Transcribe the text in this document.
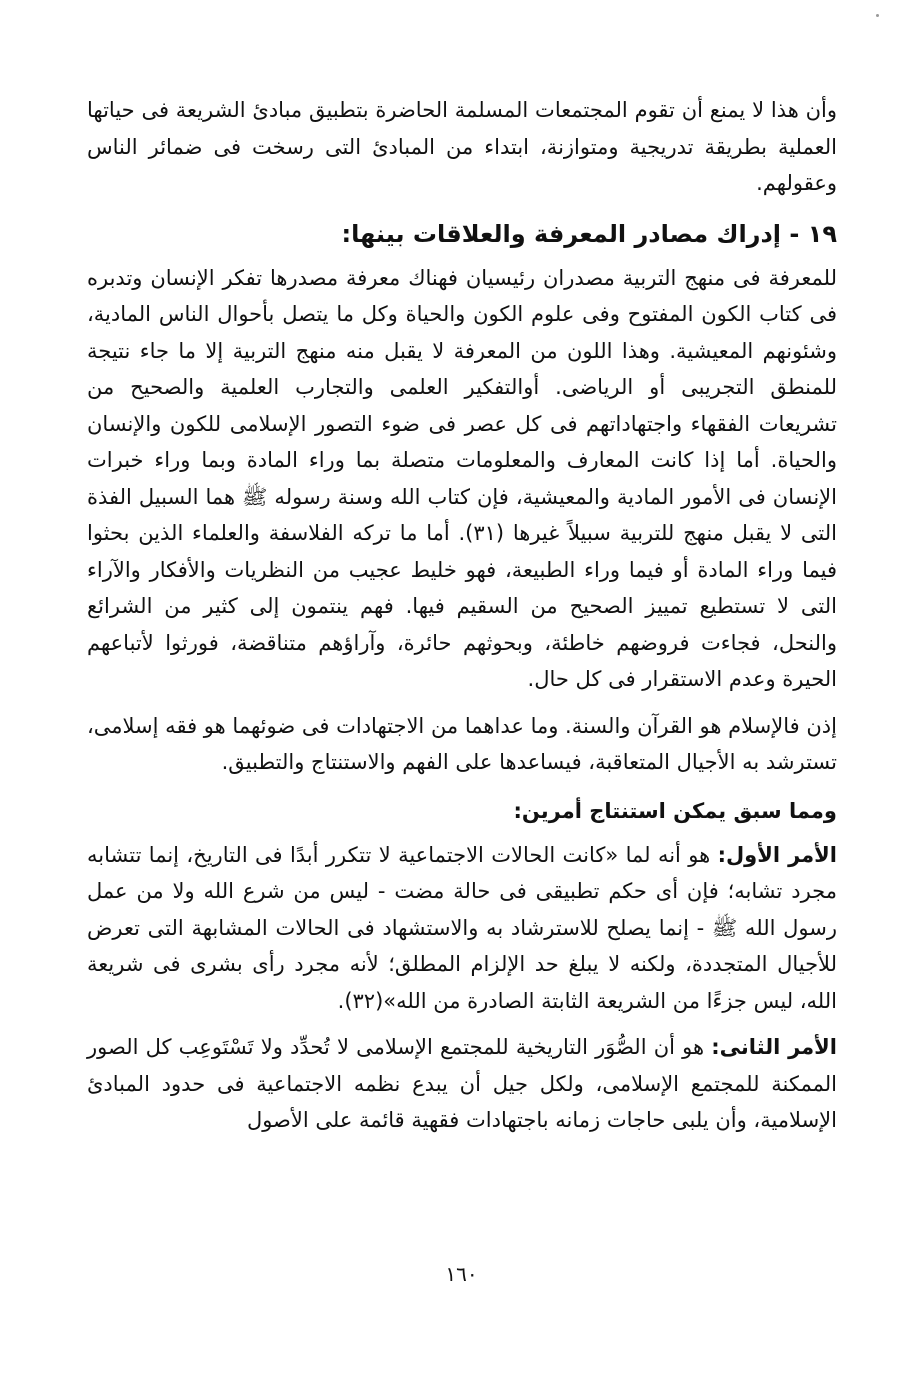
وأن هذا لا يمنع أن تقوم المجتمعات المسلمة الحاضرة بتطبيق مبادئ الشريعة فى حياتها العملية بطريقة تدريجية ومتوازنة، ابتداء من المبادئ التى رسخت فى ضمائر الناس وعقولهم.

١٩ - إدراك مصادر المعرفة والعلاقات بينها:

للمعرفة فى منهج التربية مصدران رئيسيان فهناك معرفة مصدرها تفكر الإنسان وتدبره فى كتاب الكون المفتوح وفى علوم الكون والحياة وكل ما يتصل بأحوال الناس المادية، وشئونهم المعيشية. وهذا اللون من المعرفة لا يقبل منه منهج التربية إلا ما جاء نتيجة للمنطق التجريبى أو الرياضى. أوالتفكير العلمى والتجارب العلمية والصحيح من تشريعات الفقهاء واجتهاداتهم فى كل عصر فى ضوء التصور الإسلامى للكون والإنسان والحياة. أما إذا كانت المعارف والمعلومات متصلة بما وراء المادة وبما وراء خبرات الإنسان فى الأمور المادية والمعيشية، فإن كتاب الله وسنة رسوله ﷺ هما السبيل الفذة التى لا يقبل منهج للتربية سبيلاً غيرها (٣١). أما ما تركه الفلاسفة والعلماء الذين بحثوا فيما وراء المادة أو فيما وراء الطبيعة، فهو خليط عجيب من النظريات والأفكار والآراء التى لا تستطيع تمييز الصحيح من السقيم فيها. فهم ينتمون إلى كثير من الشرائع والنحل، فجاءت فروضهم خاطئة، وبحوثهم حائرة، وآراؤهم متناقضة، فورثوا لأتباعهم الحيرة وعدم الاستقرار فى كل حال.

إذن فالإسلام هو القرآن والسنة. وما عداهما من الاجتهادات فى ضوئهما هو فقه إسلامى، تسترشد به الأجيال المتعاقبة، فيساعدها على الفهم والاستنتاج والتطبيق.

ومما سبق يمكن استنتاج أمرين:

الأمر الأول: هو أنه لما «كانت الحالات الاجتماعية لا تتكرر أبدًا فى التاريخ، إنما تتشابه مجرد تشابه؛ فإن أى حكم تطبيقى فى حالة مضت - ليس من شرع الله ولا من عمل رسول الله ﷺ - إنما يصلح للاسترشاد به والاستشهاد فى الحالات المشابهة التى تعرض للأجيال المتجددة، ولكنه لا يبلغ حد الإلزام المطلق؛ لأنه مجرد رأى بشرى فى شريعة الله، ليس جزءًا من الشريعة الثابتة الصادرة من الله»(٣٢).

الأمر الثانى: هو أن الصُّوَر التاريخية للمجتمع الإسلامى لا تُحدِّد ولا تَسْتَوعِب كل الصور الممكنة للمجتمع الإسلامى، ولكل جيل أن يبدع نظمه الاجتماعية فى حدود المبادئ الإسلامية، وأن يلبى حاجات زمانه باجتهادات فقهية قائمة على الأصول

١٦٠
